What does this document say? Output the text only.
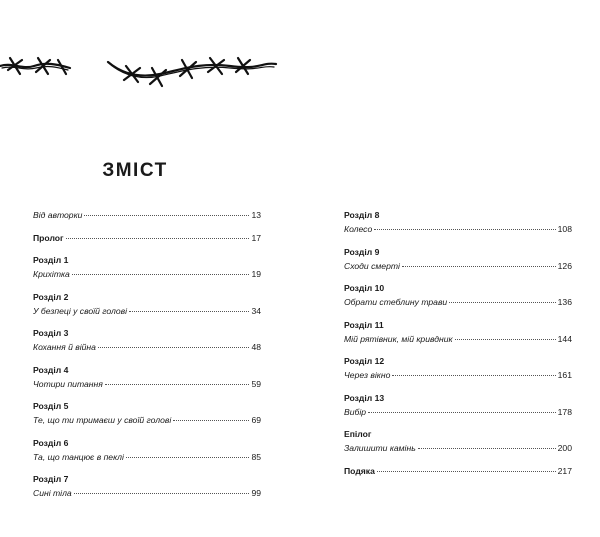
ЗМІСТ
Від авторки	13
Пролог	17
Розділ 1
Крихітка	19
Розділ 2
У безпеці у своїй голові	34
Розділ 3
Кохання й війна	48
Розділ 4
Чотири питання	59
Розділ 5
Те, що ти тримаєш у своїй голові	69
Розділ 6
Та, що танцює в пеклі	85
Розділ 7
Сині тіла	99
Розділ 8
Колесо	108
Розділ 9
Сходи смерті	126
Розділ 10
Обрати стеблину трави	136
Розділ 11
Мій рятівник, мій кривдник	144
Розділ 12
Через вікно	161
Розділ 13
Вибір	178
Епілог
Залишити камінь	200
Подяка	217
